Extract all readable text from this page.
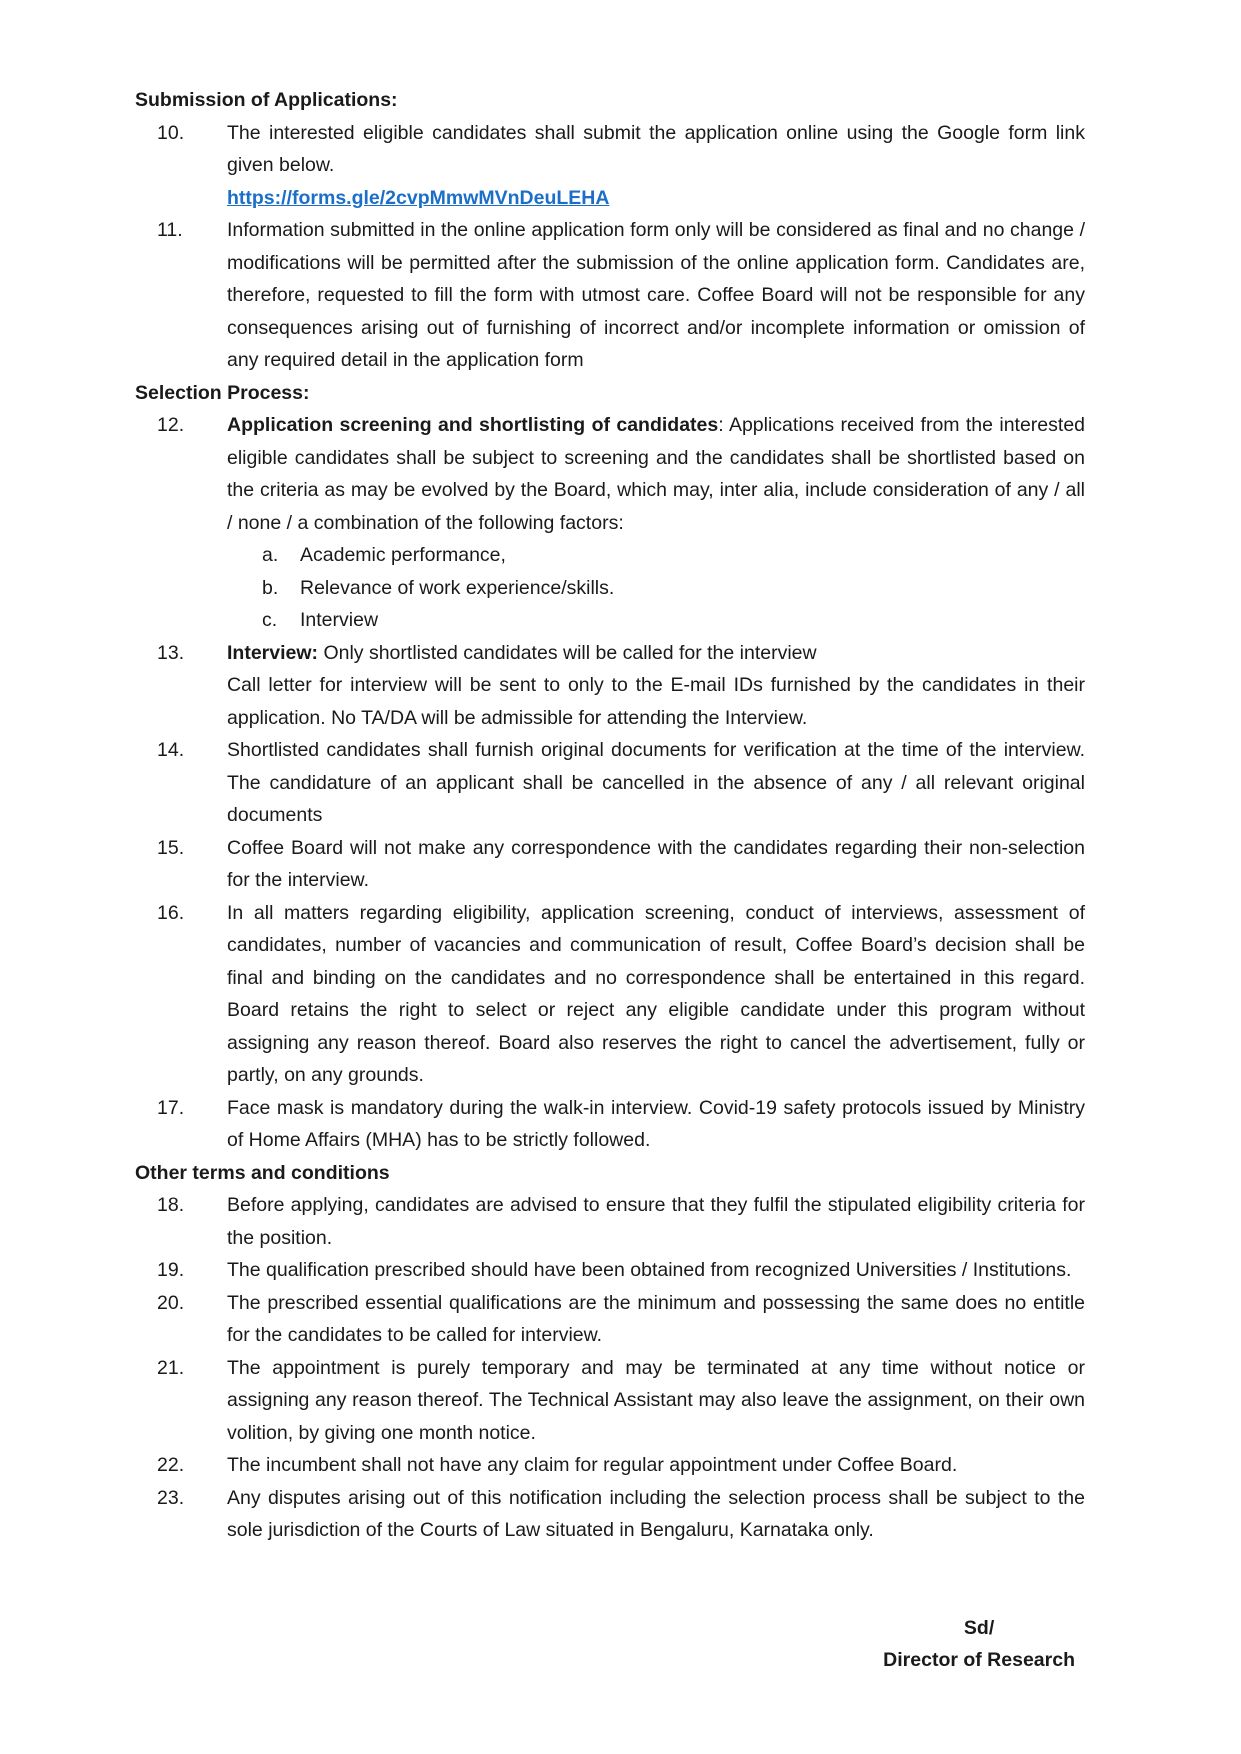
Submission of Applications:
10.	The interested eligible candidates shall submit the application online using the Google form link given below.
https://forms.gle/2cvpMmwMVnDeuLEHA
11.	Information submitted in the online application form only will be considered as final and no change / modifications will be permitted after the submission of the online application form. Candidates are, therefore, requested to fill the form with utmost care. Coffee Board will not be responsible for any consequences arising out of furnishing of incorrect and/or incomplete information or omission of any required detail in the application form
Selection Process:
12.	Application screening and shortlisting of candidates: Applications received from the interested eligible candidates shall be subject to screening and the candidates shall be shortlisted based on the criteria as may be evolved by the Board, which may, inter alia, include consideration of any / all / none / a combination of the following factors:
a.	Academic performance,
b.	Relevance of work experience/skills.
c.	Interview
13.	Interview: Only shortlisted candidates will be called for the interview
Call letter for interview will be sent to only to the E-mail IDs furnished by the candidates in their application. No TA/DA will be admissible for attending the Interview.
14.	Shortlisted candidates shall furnish original documents for verification at the time of the interview. The candidature of an applicant shall be cancelled in the absence of any / all relevant original documents
15.	Coffee Board will not make any correspondence with the candidates regarding their non-selection for the interview.
16.	In all matters regarding eligibility, application screening, conduct of interviews, assessment of candidates, number of vacancies and communication of result, Coffee Board’s decision shall be final and binding on the candidates and no correspondence shall be entertained in this regard. Board retains the right to select or reject any eligible candidate under this program without assigning any reason thereof. Board also reserves the right to cancel the advertisement, fully or partly, on any grounds.
17.	Face mask is mandatory during the walk-in interview. Covid-19 safety protocols issued by Ministry of Home Affairs (MHA) has to be strictly followed.
Other terms and conditions
18.	Before applying, candidates are advised to ensure that they fulfil the stipulated eligibility criteria for the position.
19.	The qualification prescribed should have been obtained from recognized Universities / Institutions.
20.	The prescribed essential qualifications are the minimum and possessing the same does no entitle for the candidates to be called for interview.
21.	The appointment is purely temporary and may be terminated at any time without notice or assigning any reason thereof. The Technical Assistant may also leave the assignment, on their own volition, by giving one month notice.
22.	The incumbent shall not have any claim for regular appointment under Coffee Board.
23.	Any disputes arising out of this notification including the selection process shall be subject to the sole jurisdiction of the Courts of Law situated in Bengaluru, Karnataka only.
Sd/
Director of Research
